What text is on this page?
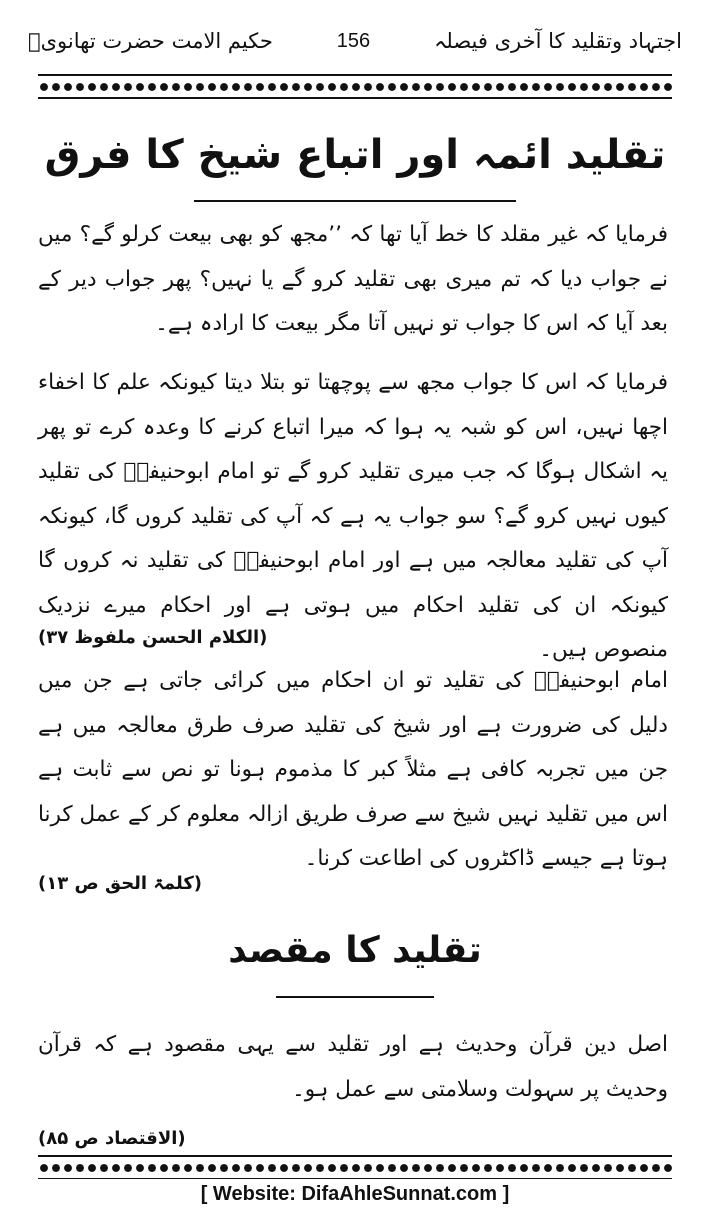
اجتہاد وتقلید کا آخری فیصلہ
156
حکیم الامت حضرت تھانویؒ
تقلید ائمہ اور اتباع شیخ کا فرق

فرمایا کہ غیر مقلد کا خط آیا تھا کہ ’’مجھ کو بھی بیعت کرلو گے؟ میں نے جواب دیا کہ تم میری بھی تقلید کرو گے یا نہیں؟ پھر جواب دیر کے بعد آیا کہ اس کا جواب تو نہیں آتا مگر بیعت کا ارادہ ہے۔

فرمایا کہ اس کا جواب مجھ سے پوچھتا تو بتلا دیتا کیونکہ علم کا اخفاء اچھا نہیں، اس کو شبہ یہ ہوا کہ میرا اتباع کرنے کا وعدہ کرے تو پھر یہ اشکال ہوگا کہ جب میری تقلید کرو گے تو امام ابوحنیفہؒ کی تقلید کیوں نہیں کرو گے؟ سو جواب یہ ہے کہ آپ کی تقلید کروں گا، کیونکہ آپ کی تقلید معالجہ میں ہے اور امام ابوحنیفہؒ کی تقلید نہ کروں گا کیونکہ ان کی تقلید احکام میں ہوتی ہے اور احکام میرے نزدیک منصوص ہیں۔

(الکلام الحسن ملفوظ ۳۷)

امام ابوحنیفہؒ کی تقلید تو ان احکام میں کرائی جاتی ہے جن میں دلیل کی ضرورت ہے اور شیخ کی تقلید صرف طرق معالجہ میں ہے جن میں تجربہ کافی ہے مثلاً کبر کا مذموم ہونا تو نص سے ثابت ہے اس میں تقلید نہیں شیخ سے صرف طریق ازالہ معلوم کر کے عمل کرنا ہوتا ہے جیسے ڈاکٹروں کی اطاعت کرنا۔

(کلمۃ الحق ص ۱۳)
تقلید کا مقصد

اصل دین قرآن وحدیث ہے اور تقلید سے یہی مقصود ہے کہ قرآن وحدیث پر سہولت وسلامتی سے عمل ہو۔

(الاقتصاد ص ۸۵)
[ Website: DifaAhleSunnat.com ]
